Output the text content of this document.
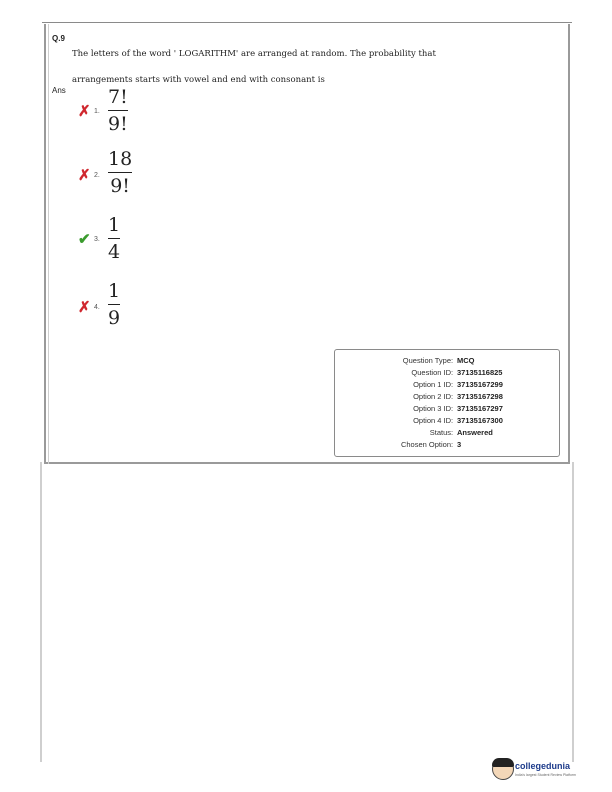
Q.9
The letters of the word ' LOGARITHM' are arranged at random. The probability that
arrangements starts with vowel and end with consonant is
Ans
✗ 1.
7!
9!
✗ 2.
18
9!
✔ 3.
1
4
✗ 4.
1
9
Question Type : MCQ
Question ID : 37135116825
Option 1 ID : 37135167299
Option 2 ID : 37135167298
Option 3 ID : 37135167297
Option 4 ID : 37135167300
Status : Answered
Chosen Option : 3
collegedunia
India's largest Student Review Platform
